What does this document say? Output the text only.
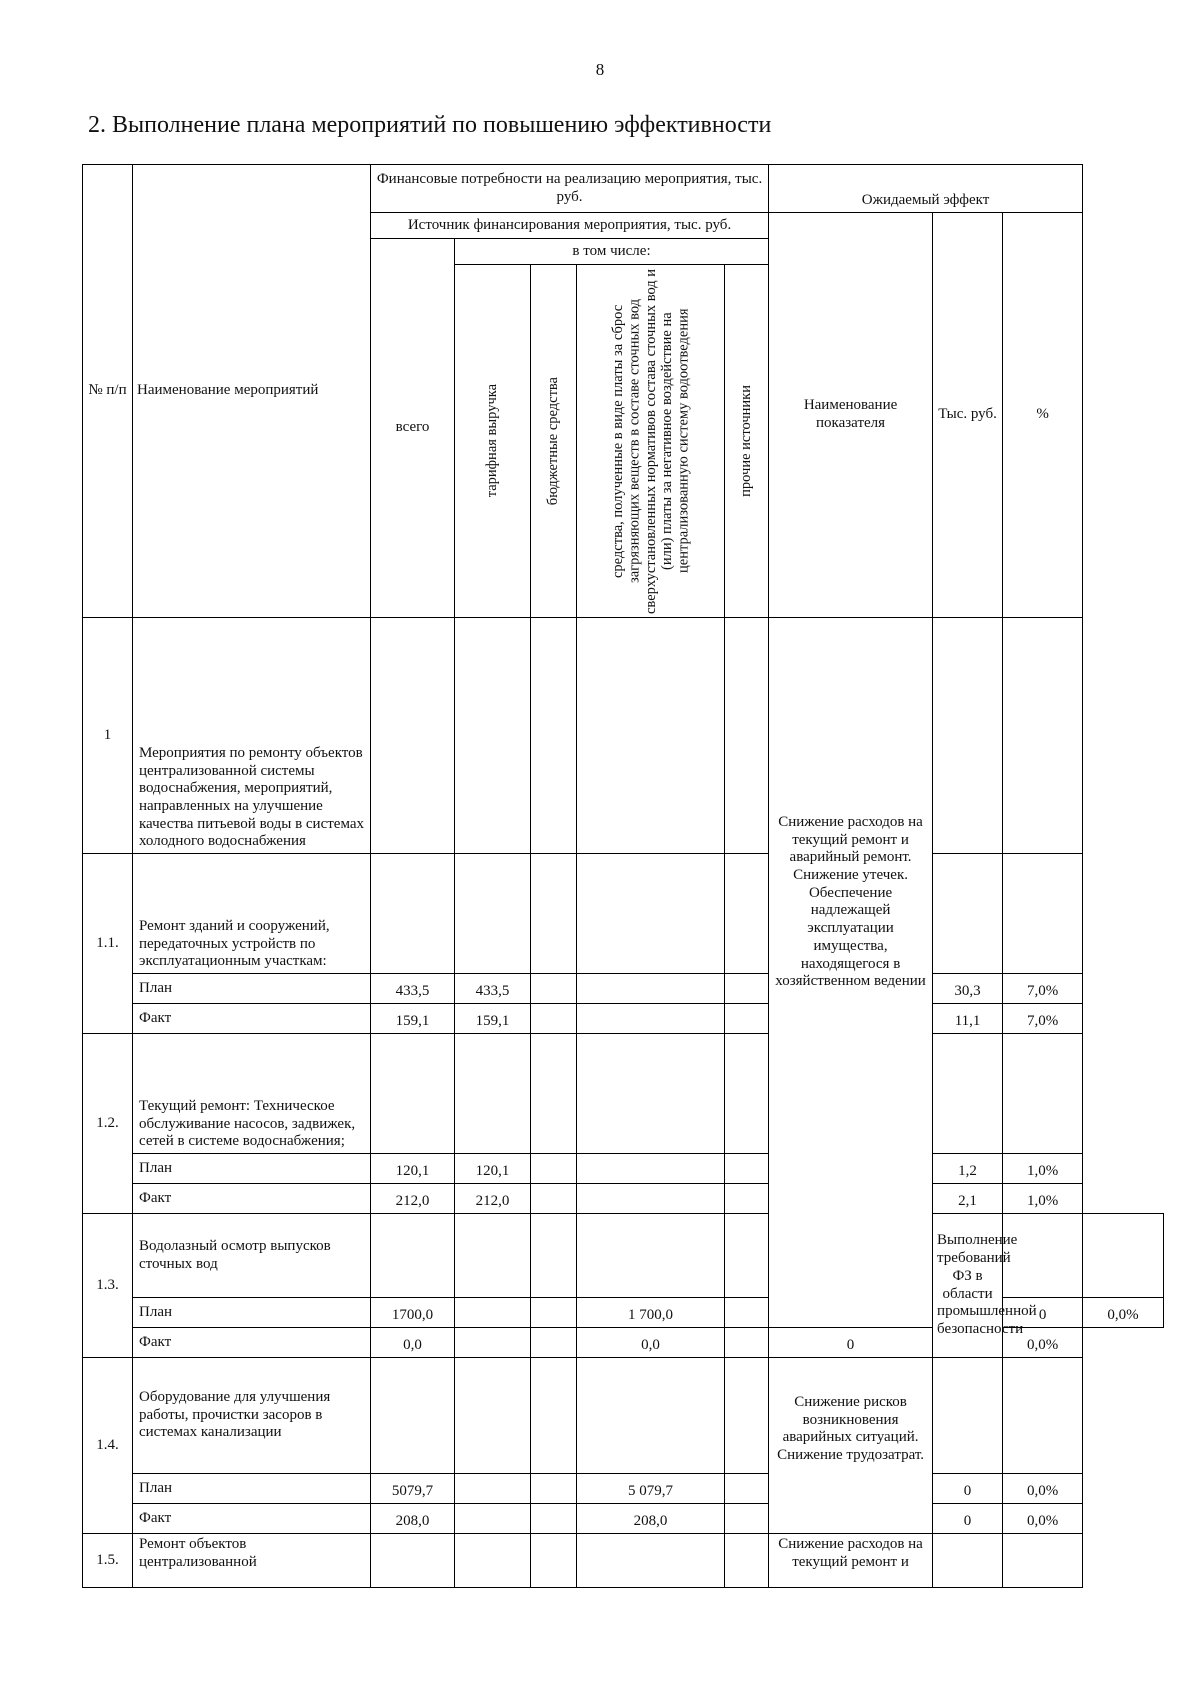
8
2. Выполнение плана мероприятий по повышению эффективности
№ п/п	Наименование мероприятий	Финансовые потребности на реализацию мероприятия, тыс. руб.					Ожидаемый эффект			
		Источник финансирования мероприятия, тыс. руб.					Наименование показателя	Тыс. руб.	%	
		всего	в том числе:							

			тарифная выручка	бюджетные средства	средства, полученные в виде платы за сброс загрязняющих веществ в составе сточных вод сверхустановленных нормативов состава сточных вод и (или) платы за негативное воздействие на централизованную систему водоотведения	прочие источники				

1	Мероприятия по ремонту объектов централизованной системы водоснабжения, мероприятий, направленных на улучшение качества питьевой воды в системах холодного водоснабжения						Снижение расходов на текущий ремонт и аварийный ремонт. Снижение утечек. Обеспечение надлежащей эксплуатации имущества, находящегося в хозяйственном ведении			
1.1.	Ремонт зданий и сооружений, передаточных устройств по эксплуатационным участкам:									
	План	433,5	433,5					30,3	7,0%	
	Факт	159,1	159,1					11,1	7,0%	
1.2.	Текущий ремонт: Техническое обслуживание насосов, задвижек, сетей в системе водоснабжения;									
	План	120,1	120,1					1,2	1,0%	
	Факт	212,0	212,0					2,1	1,0%	
1.3.	Водолазный осмотр выпусков сточных вод							Выполнение требований ФЗ в области промышленной безопасности		
	План	1700,0			1 700,0				0	0,0%
	Факт	0,0			0,0		0		0,0%	
1.4.	Оборудование для улучшения работы, прочистки засоров в системах канализации						Снижение рисков возникновения аварийных ситуаций. Снижение трудозатрат.			
	План	5079,7			5 079,7			0	0,0%	
	Факт	208,0			208,0			0	0,0%	
1.5.	Ремонт объектов централизованной						Снижение расходов на текущий ремонт и			
